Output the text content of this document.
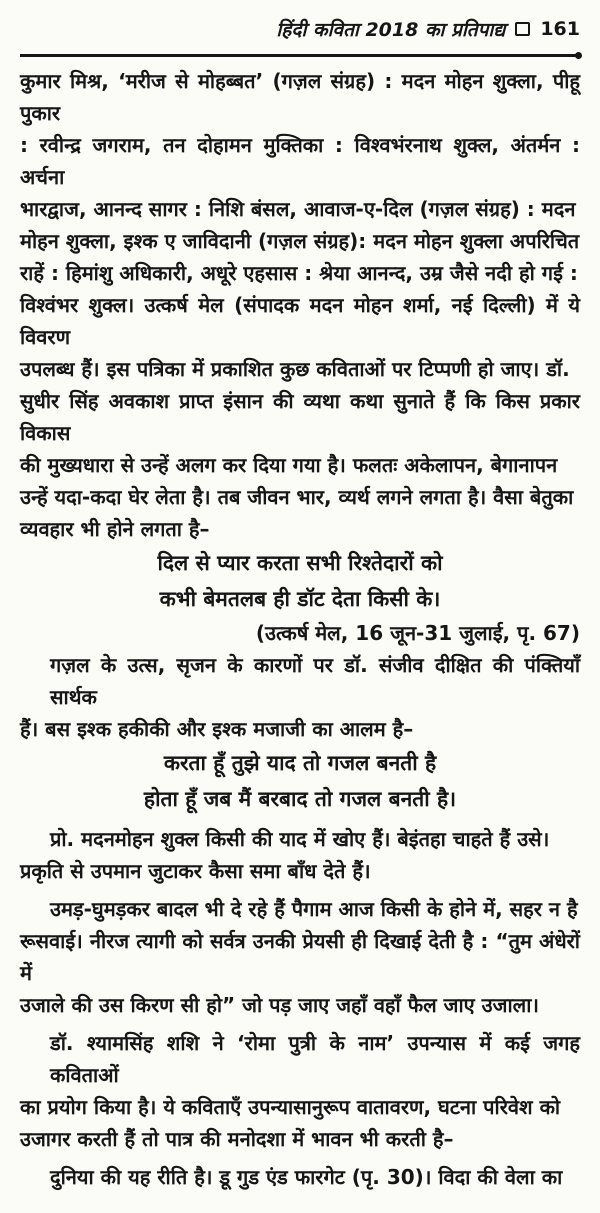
हिंदी कविता 2018 का प्रतिपाद्य 161
कुमार मिश्र, ‘मरीज से मोहब्बत’ (गज़ल संग्रह) : मदन मोहन शुक्ला, पीहू पुकार
: रवीन्द्र जगराम, तन दोहामन मुक्तिका : विश्वभंरनाथ शुक्ल, अंतर्मन : अर्चना
भारद्वाज, आनन्द सागर : निशि बंसल, आवाज-ए-दिल (गज़ल संग्रह) : मदन
मोहन शुक्ला, इश्क ए जाविदानी (गज़ल संग्रह): मदन मोहन शुक्ला अपरिचित
राहें : हिमांशु अधिकारी, अधूरे एहसास : श्रेया आनन्द, उम्र जैसे नदी हो गई :
विश्वंभर शुक्ल। उत्कर्ष मेल (संपादक मदन मोहन शर्मा, नई दिल्ली) में ये विवरण
उपलब्ध हैं। इस पत्रिका में प्रकाशित कुछ कविताओं पर टिप्पणी हो जाए। डॉ.
सुधीर सिंह अवकाश प्राप्त इंसान की व्यथा कथा सुनाते हैं कि किस प्रकार विकास
की मुख्यधारा से उन्हें अलग कर दिया गया है। फलतः अकेलापन, बेगानापन
उन्हें यदा-कदा घेर लेता है। तब जीवन भार, व्यर्थ लगने लगता है। वैसा बेतुका
व्यवहार भी होने लगता है–
दिल से प्यार करता सभी रिश्तेदारों को
कभी बेमतलब ही डॉट देता किसी के।
(उत्कर्ष मेल, 16 जून-31 जुलाई, पृ. 67)
गज़ल के उत्स, सृजन के कारणों पर डॉ. संजीव दीक्षित की पंक्तियाँ सार्थक
हैं। बस इश्क हकीकी और इश्क मजाजी का आलम है–
करता हूँ तुझे याद तो गजल बनती है
होता हूँ जब मैं बरबाद तो गजल बनती है।
प्रो. मदनमोहन शुक्ल किसी की याद में खोए हैं। बेइंतहा चाहते हैं उसे।
प्रकृति से उपमान जुटाकर कैसा समा बाँध देते हैं।
उमड़-घुमड़कर बादल भी दे रहे हैं पैगाम आज किसी के होने में, सहर न है
रूसवाई। नीरज त्यागी को सर्वत्र उनकी प्रेयसी ही दिखाई देती है : “तुम अंधेरों में
उजाले की उस किरण सी हो” जो पड़ जाए जहाँ वहाँ फैल जाए उजाला।
डॉ. श्यामसिंह शशि ने ‘रोमा पुत्री के नाम’ उपन्यास में कई जगह कविताओं
का प्रयोग किया है। ये कविताएँ उपन्यासानुरूप वातावरण, घटना परिवेश को
उजागर करती हैं तो पात्र की मनोदशा में भावन भी करती है–
दुनिया की यह रीति है। डू गुड एंड फारगेट (पृ. 30)। विदा की वेला का
